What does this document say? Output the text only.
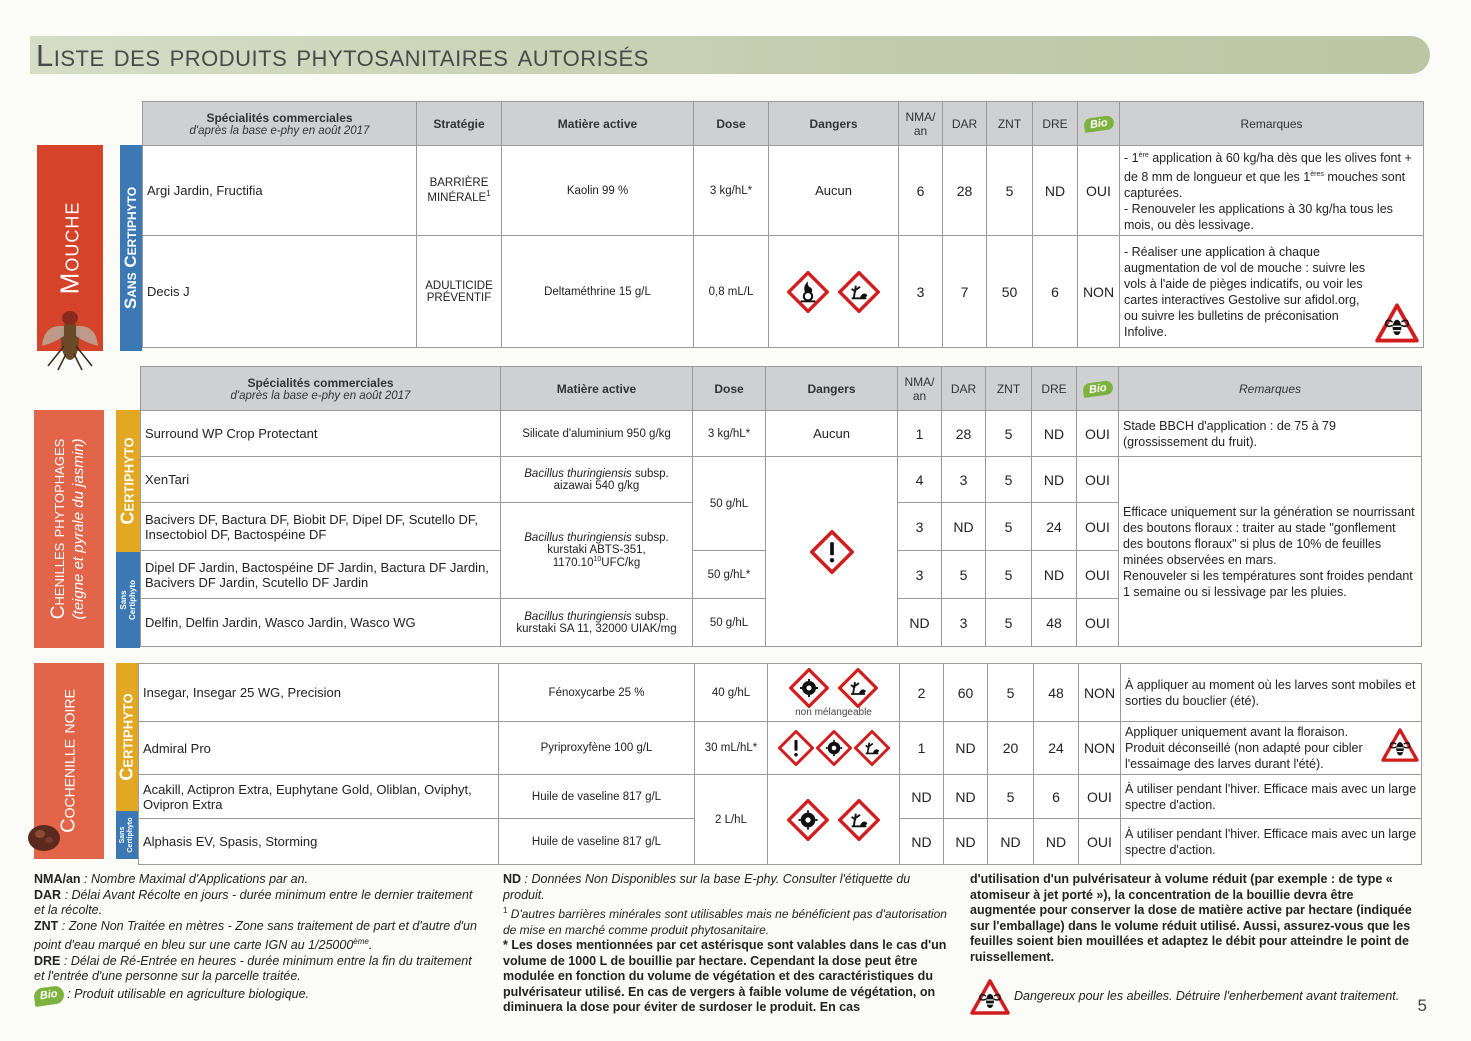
Liste des produits phytosanitaires autorisés
Mouche Sans Certiphyto
Spécialités commerciales
d'après la base e-phy en août 2017	Stratégie	Matière active	Dose	Dangers	NMA/
an	DAR	ZNT	DRE	Bio	Remarques
Argi Jardin, Fructifia	BARRIÈRE
MINÉRALE$^1$	Kaolin 99 %	3 kg/hL*	Aucun	6	28	5	ND	OUI	- 1ère application à 60 kg/ha dès que les olives font + de 8 mm de longueur et que les 1ères mouches sont capturées.
- Renouveler les applications à 30 kg/ha tous les mois, ou dès lessivage.
Decis J	ADULTICIDE
PRÉVENTIF	Deltaméthrine 15 g/L	0,8 mL/L		3	7	50	6	NON	- Réaliser une application à chaque augmentation de vol de mouche : suivre les vols à l'aide de pièges indicatifs, ou voir les cartes interactives Gestolive sur afidol.org, ou suivre les bulletins de préconisation Infolive.
Chenilles phytophages (teigne et pyrale du jasmin) Certiphyto
Sans
Certiphyto
Spécialités commerciales
d'après la base e-phy en août 2017	Matière active	Dose	Dangers	NMA/
an	DAR	ZNT	DRE	Bio	Remarques	
Surround WP Crop Protectant	Silicate d'aluminium 950 g/kg	3 kg/hL*	Aucun	1	28	5	ND	OUI	Stade BBCH d'application : de 75 à 79 (grossissement du fruit).	
XenTari	Bacillus thuringiensis subsp. aizawai 540 g/kg	50 g/hL		4	3	5	ND	OUI	Efficace uniquement sur la génération se nourrissant des boutons floraux : traiter au stade "gonflement des boutons floraux" si plus de 10% de feuilles minées observées en mars.
Renouveler si les températures sont froides pendant 1 semaine ou si lessivage par les pluies.	
Bacivers DF, Bactura DF, Biobit DF, Dipel DF, Scutello DF, Insectobiol DF, Bactospéine DF	Bacillus thuringiensis subsp. kurstaki ABTS-351, 1170.10$^{10}$UFC/kg			3	ND	5	24	OUI		
Dipel DF Jardin, Bactospéine DF Jardin, Bactura DF Jardin, Bacivers DF Jardin, Scutello DF Jardin		50 g/hL*		3	5	5	ND	OUI		
Delfin, Delfin Jardin, Wasco Jardin, Wasco WG	Bacillus thuringiensis subsp. kurstaki SA 11, 32000 UIAK/mg	50 g/hL		ND	3	5	48	OUI		
Cochenille noire Certiphyto
Sans
Certiphyto
Insegar, Insegar 25 WG, Precision	Fénoxycarbe 25 %	40 g/hL	non mélangeable	2	60	5	48	NON	À appliquer au moment où les larves sont mobiles et sorties du bouclier (été).
Admiral Pro	Pyriproxyfène 100 g/L	30 mL/hL*		1	ND	20	24	NON	Appliquer uniquement avant la floraison. Produit déconseillé (non adapté pour cibler l'essaimage des larves durant l'été).

Acakill, Actipron Extra, Euphytane Gold, Oliblan, Oviphyt, Ovipron Extra	Huile de vaseline 817 g/L	2 L/hL		ND	ND	5	6	OUI	À utiliser pendant l'hiver. Efficace mais avec un large spectre d'action.
Alphasis EV, Spasis, Storming	Huile de vaseline 817 g/L			ND	ND	ND	ND	OUI	À utiliser pendant l'hiver. Efficace mais avec un large spectre d'action.
NMA/an : Nombre Maximal d'Applications par an.
DAR : Délai Avant Récolte en jours - durée minimum entre le dernier traitement et la récolte.
ZNT : Zone Non Traitée en mètres - Zone sans traitement de part et d'autre d'un point d'eau marqué en bleu sur une carte IGN au 1/25000ème.
DRE : Délai de Ré-Entrée en heures - durée minimum entre la fin du traitement et l'entrée d'une personne sur la parcelle traitée.
Bio : Produit utilisable en agriculture biologique.
ND : Données Non Disponibles sur la base E-phy. Consulter l'étiquette du produit.
$^1$ D'autres barrières minérales sont utilisables mais ne bénéficient pas d'autorisation de mise en marché comme produit phytosanitaire.
* Les doses mentionnées par cet astérisque sont valables dans le cas d'un volume de 1000 L de bouillie par hectare. Cependant la dose peut être modulée en fonction du volume de végétation et des caractéristiques du pulvérisateur utilisé. En cas de vergers à faible volume de végétation, on diminuera la dose pour éviter de surdoser le produit. En cas
d'utilisation d'un pulvérisateur à volume réduit (par exemple : de type « atomiseur à jet porté »), la concentration de la bouillie devra être augmentée pour conserver la dose de matière active par hectare (indiquée sur l'emballage) dans le volume réduit utilisé. Aussi, assurez-vous que les feuilles soient bien mouillées et adaptez le débit pour atteindre le point de ruissellement.
Dangereux pour les abeilles. Détruire l'enherbement avant traitement. 5
